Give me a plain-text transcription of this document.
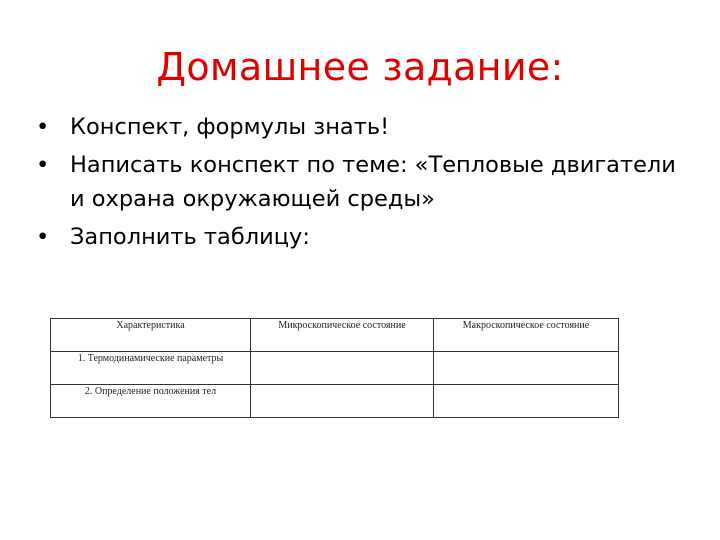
Домашнее задание:
• Конспект, формулы знать!
• Написать конспект по теме: «Тепловые двигатели и охрана окружающей среды»
• Заполнить таблицу:
Характеристика	Микроскопическое состояние	Макроскопическое состояние
1. Термодинамические параметры		
2. Определение положения тел		
